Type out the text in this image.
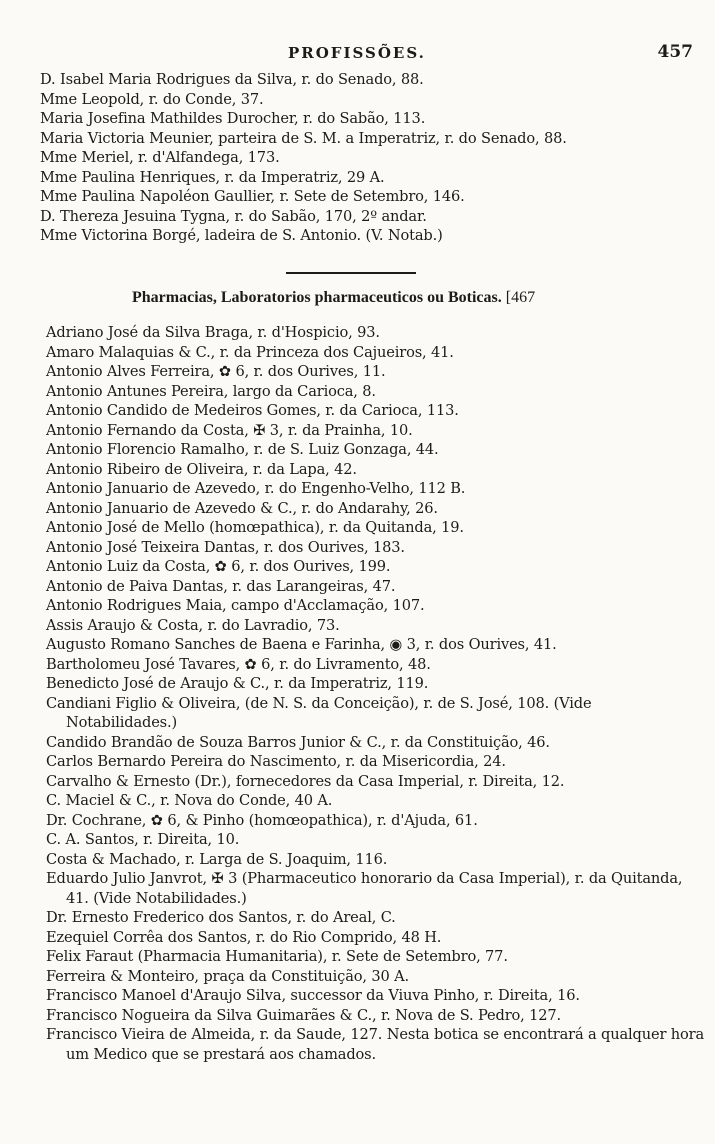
PROFISSÕES.	457
D. Isabel Maria Rodrigues da Silva, r. do Senado, 88.
Mme Leopold, r. do Conde, 37.
Maria Josefina Mathildes Durocher, r. do Sabão, 113.
Maria Victoria Meunier, parteira de S. M. a Imperatriz, r. do Senado, 88.
Mme Meriel, r. d'Alfandega, 173.
Mme Paulina Henriques, r. da Imperatriz, 29 A.
Mme Paulina Napoléon Gaullier, r. Sete de Setembro, 146.
D. Thereza Jesuina Tygna, r. do Sabão, 170, 2º andar.
Mme Victorina Borgé, ladeira de S. Antonio. (V. Notab.)
Pharmacias, Laboratorios pharmaceuticos ou Boticas. [467
Adriano José da Silva Braga, r. d'Hospicio, 93.
Amaro Malaquias & C., r. da Princeza dos Cajueiros, 41.
Antonio Alves Ferreira, ✿ 6, r. dos Ourives, 11.
Antonio Antunes Pereira, largo da Carioca, 8.
Antonio Candido de Medeiros Gomes, r. da Carioca, 113.
Antonio Fernando da Costa, ✠ 3, r. da Prainha, 10.
Antonio Florencio Ramalho, r. de S. Luiz Gonzaga, 44.
Antonio Ribeiro de Oliveira, r. da Lapa, 42.
Antonio Januario de Azevedo, r. do Engenho-Velho, 112 B.
Antonio Januario de Azevedo & C., r. do Andarahy, 26.
Antonio José de Mello (homœpathica), r. da Quitanda, 19.
Antonio José Teixeira Dantas, r. dos Ourives, 183.
Antonio Luiz da Costa, ✿ 6, r. dos Ourives, 199.
Antonio de Paiva Dantas, r. das Larangeiras, 47.
Antonio Rodrigues Maia, campo d'Acclamação, 107.
Assis Araujo & Costa, r. do Lavradio, 73.
Augusto Romano Sanches de Baena e Farinha, ◉ 3, r. dos Ourives, 41.
Bartholomeu José Tavares, ✿ 6, r. do Livramento, 48.
Benedicto José de Araujo & C., r. da Imperatriz, 119.
Candiani Figlio & Oliveira, (de N. S. da Conceição), r. de S. José, 108. (Vide Notabilidades.)
Candido Brandão de Souza Barros Junior & C., r. da Constituição, 46.
Carlos Bernardo Pereira do Nascimento, r. da Misericordia, 24.
Carvalho & Ernesto (Dr.), fornecedores da Casa Imperial, r. Direita, 12.
C. Maciel & C., r. Nova do Conde, 40 A.
Dr. Cochrane, ✿ 6, & Pinho (homœopathica), r. d'Ajuda, 61.
C. A. Santos, r. Direita, 10.
Costa & Machado, r. Larga de S. Joaquim, 116.
Eduardo Julio Janvrot, ✠ 3 (Pharmaceutico honorario da Casa Imperial), r. da Quitanda, 41. (Vide Notabilidades.)
Dr. Ernesto Frederico dos Santos, r. do Areal, C.
Ezequiel Corrêa dos Santos, r. do Rio Comprido, 48 H.
Felix Faraut (Pharmacia Humanitaria), r. Sete de Setembro, 77.
Ferreira & Monteiro, praça da Constituição, 30 A.
Francisco Manoel d'Araujo Silva, successor da Viuva Pinho, r. Direita, 16.
Francisco Nogueira da Silva Guimarães & C., r. Nova de S. Pedro, 127.
Francisco Vieira de Almeida, r. da Saude, 127. Nesta botica se encontrará a qualquer hora um Medico que se prestará aos chamados.
